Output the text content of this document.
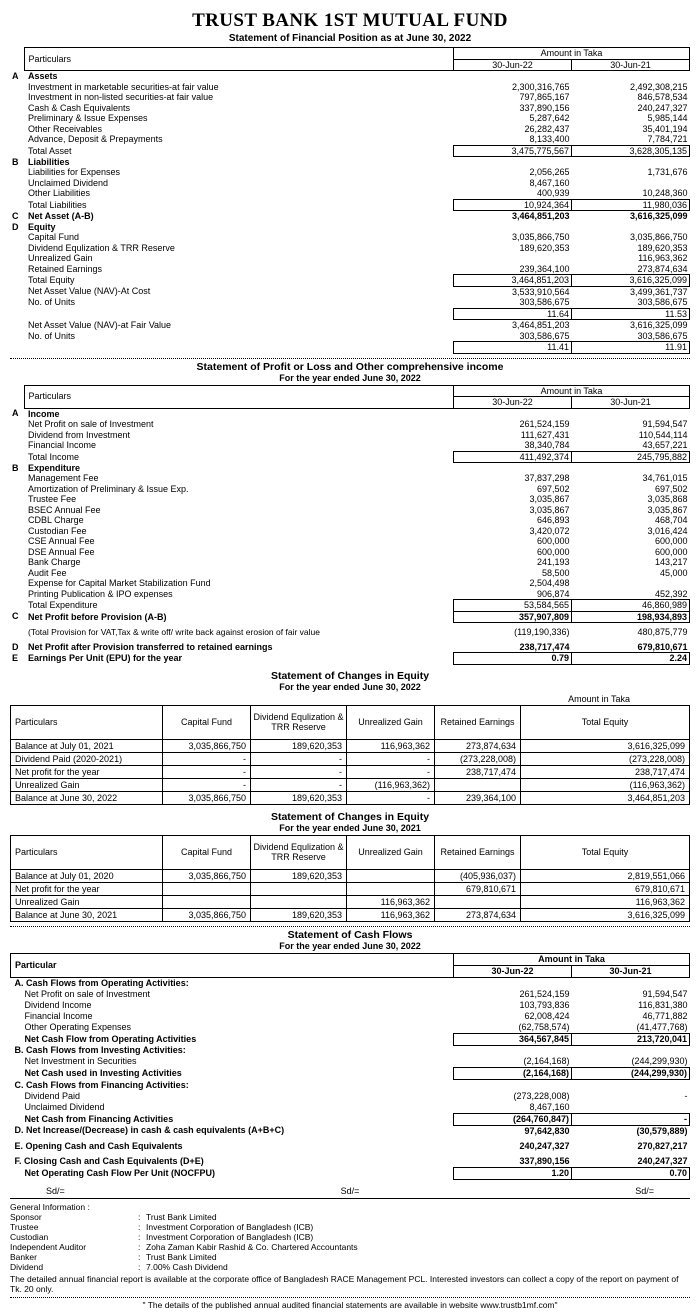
TRUST BANK 1ST MUTUAL FUND
Statement of Financial Position as at June 30, 2022
	Particulars	Amount in Taka	
		30-Jun-22	30-Jun-21
A	Assets		
	Investment in marketable securities-at fair value	2,300,316,765	2,492,308,215
	Investment in non-listed securities-at fair value	797,865,167	846,578,534
	Cash & Cash Equivalents	337,890,156	240,247,327
	Preliminary & Issue Expenses	5,287,642	5,985,144
	Other Receivables	26,282,437	35,401,194
	Advance, Deposit & Prepayments	8,133,400	7,784,721
	Total Asset	3,475,775,567	3,628,305,135
B	Liabilities		
	Liabilities for Expenses	2,056,265	1,731,676
	Unclaimed Dividend	8,467,160	
	Other Liabilities	400,939	10,248,360
	Total Liabilities	10,924,364	11,980,036
C	Net Asset (A-B)	3,464,851,203	3,616,325,099
D	Equity		
	Capital Fund	3,035,866,750	3,035,866,750
	Dividend Equlization & TRR Reserve	189,620,353	189,620,353
	Unrealized Gain		116,963,362
	Retained Earnings	239,364,100	273,874,634
	Total Equity	3,464,851,203	3,616,325,099
	Net Asset Value (NAV)-At Cost	3,533,910,564	3,499,361,737
	No. of Units	303,586,675	303,586,675
		11.64	11.53
	Net Asset Value (NAV)-at Fair Value	3,464,851,203	3,616,325,099
	No. of Units	303,586,675	303,586,675
		11.41	11.91
Statement of Profit or Loss and Other comprehensive income
For the year ended June 30, 2022
	Particulars	Amount in Taka	
		30-Jun-22	30-Jun-21
A	Income		
	Net Profit on sale of Investment	261,524,159	91,594,547
	Dividend from Investment	111,627,431	110,544,114
	Financial Income	38,340,784	43,657,221
	Total Income	411,492,374	245,795,882
B	Expenditure		
	Management Fee	37,837,298	34,761,015
	Amortization of Preliminary & Issue Exp.	697,502	697,502
	Trustee Fee	3,035,867	3,035,868
	BSEC Annual Fee	3,035,867	3,035,867
	CDBL Charge	646,893	468,704
	Custodian Fee	3,420,072	3,016,424
	CSE Annual Fee	600,000	600,000
	DSE Annual Fee	600,000	600,000
	Bank Charge	241,193	143,217
	Audit Fee	58,500	45,000
	Expense for Capital Market Stabilization Fund	2,504,498	
	Printing Publication & IPO expenses	906,874	452,392
	Total Expenditure	53,584,565	46,860,989
C	Net Profit before Provision (A-B)	357,907,809	198,934,893
	(Total Provision for VAT,Tax & write off/ write back against erosion of fair value	(119,190,336)	480,875,779
D	Net Profit after Provision transferred to retained earnings	238,717,474	679,810,671
E	Earnings Per Unit (EPU) for the year	0.79	2.24
Statement of Changes in Equity
For the year ended June 30, 2022
Amount in Taka
Particulars	Capital Fund	Dividend Equlization & TRR Reserve	Unrealized Gain	Retained Earnings	Total Equity
Balance at July 01, 2021	3,035,866,750	189,620,353	116,963,362	273,874,634	3,616,325,099
Dividend Paid (2020-2021)	-	-	-	(273,228,008)	(273,228,008)
Net profit for the year	-	-	-	238,717,474	238,717,474
Unrealized Gain	-	-	(116,963,362)		(116,963,362)
Balance at June 30, 2022	3,035,866,750	189,620,353	-	239,364,100	3,464,851,203
Statement of Changes in Equity
For the year ended June 30, 2021
Particulars	Capital Fund	Dividend Equlization & TRR Reserve	Unrealized Gain	Retained Earnings	Total Equity
Balance at July 01, 2020	3,035,866,750	189,620,353		(405,936,037)	2,819,551,066
Net profit for the year				679,810,671	679,810,671
Unrealized Gain			116,963,362		116,963,362
Balance at June 30, 2021	3,035,866,750	189,620,353	116,963,362	273,874,634	3,616,325,099
Statement of Cash Flows
For the year ended June 30, 2022
Particular	Amount in Taka	
	30-Jun-22	30-Jun-21
A. Cash Flows from Operating Activities:		
Net Profit on sale of Investment	261,524,159	91,594,547
Dividend Income	103,793,836	116,831,380
Financial Income	62,008,424	46,771,882
Other Operating Expenses	(62,758,574)	(41,477,768)
Net Cash Flow from Operating Activities	364,567,845	213,720,041
B. Cash Flows from Investing Activities:		
Net Investment in Securities	(2,164,168)	(244,299,930)
Net Cash used in Investing Activities	(2,164,168)	(244,299,930)
C. Cash Flows from Financing Activities:		
Dividend Paid	(273,228,008)	-
Unclaimed Dividend	8,467,160	
Net Cash from Financing Activities	(264,760,847)	-
D. Net Increase/(Decrease) in cash & cash equivalents (A+B+C)	97,642,830	(30,579,889)

E. Opening Cash and Cash Equivalents	240,247,327	270,827,217

F. Closing Cash and Cash Equivalents (D+E)	337,890,156	240,247,327
Net Operating Cash Flow Per Unit (NOCFPU)	1.20	0.70
Sd/=	Sd/=	Sd/=
General Information :
Sponsor	:	Trust Bank Limited
Trustee	:	Investment Corporation of Bangladesh (ICB)
Custodian	:	Investment Corporation of Bangladesh (ICB)
Independent Auditor	:	Zoha Zaman Kabir Rashid & Co. Chartered Accountants
Banker	:	Trust Bank Limited
Dividend	:	7.00% Cash Dividend
The detailed annual financial report is available at the corporate office of Bangladesh RACE Management PCL. Interested investors can collect a copy of the report on payment of Tk. 20 only.
" The details of the published annual audited financial statements are available in website www.trustb1mf.com"
